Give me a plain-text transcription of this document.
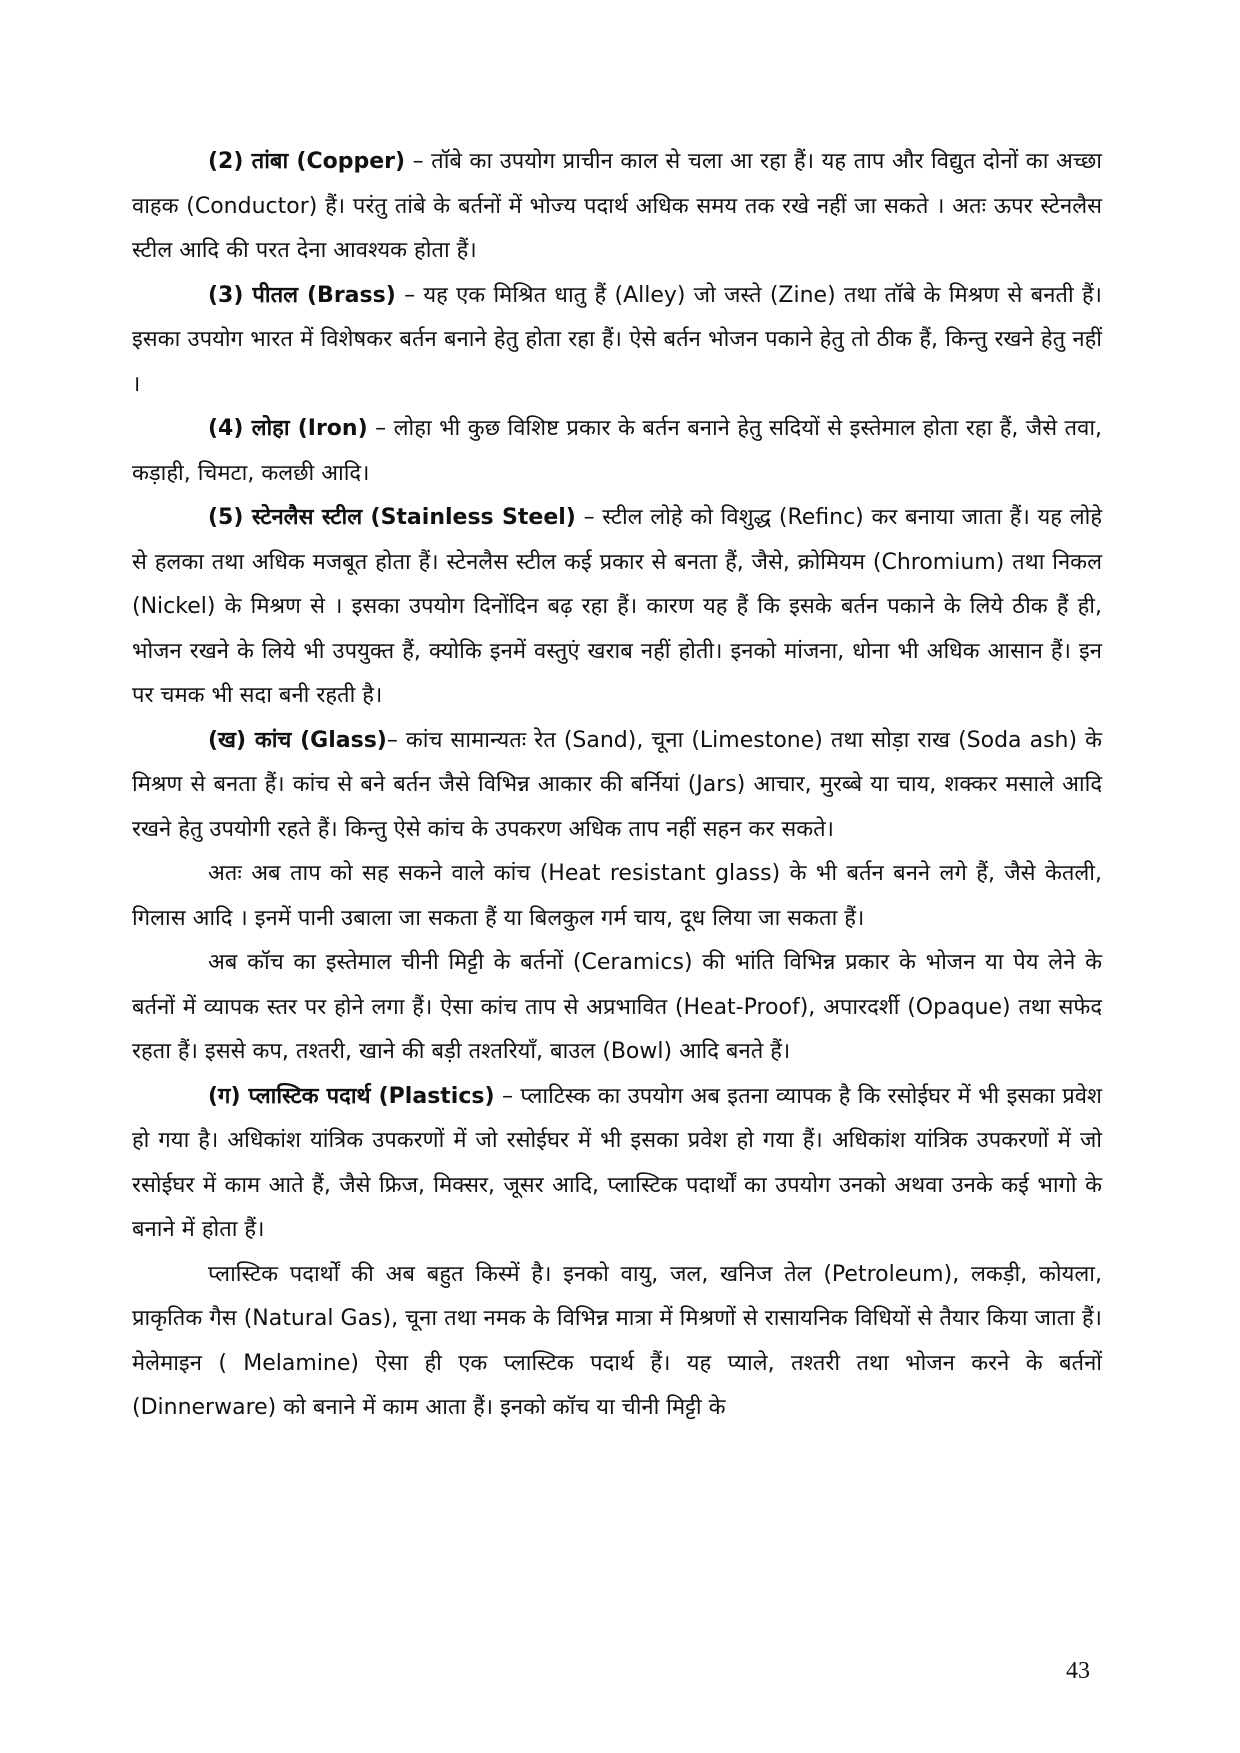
(2) तांबा (Copper) – तॉबे का उपयोग प्राचीन काल से चला आ रहा हैं। यह ताप और विद्युत दोनों का अच्छा वाहक (Conductor) हैं। परंतु तांबे के बर्तनों में भोज्य पदार्थ अधिक समय तक रखे नहीं जा सकते । अतः ऊपर स्टेनलैस स्टील आदि की परत देना आवश्यक होता हैं।

(3) पीतल (Brass) – यह एक मिश्रित धातु हैं (Alley) जो जस्ते (Zine) तथा तॉबे के मिश्रण से बनती हैं। इसका उपयोग भारत में विशेषकर बर्तन बनाने हेतु होता रहा हैं। ऐसे बर्तन भोजन पकाने हेतु तो ठीक हैं, किन्तु रखने हेतु नहीं ।

(4) लोहा (Iron) – लोहा भी कुछ विशिष्ट प्रकार के बर्तन बनाने हेतु सदियों से इस्तेमाल होता रहा हैं, जैसे तवा, कड़ाही, चिमटा, कलछी आदि।

(5) स्टेनलैस स्टील (Stainless Steel) – स्टील लोहे को विशुद्ध (Refinc) कर बनाया जाता हैं। यह लोहे से हलका तथा अधिक मजबूत होता हैं। स्टेनलैस स्टील कई प्रकार से बनता हैं, जैसे, क्रोमियम (Chromium) तथा निकल (Nickel) के मिश्रण से । इसका उपयोग दिनोंदिन बढ़ रहा हैं। कारण यह हैं कि इसके बर्तन पकाने के लिये ठीक हैं ही, भोजन रखने के लिये भी उपयुक्त हैं, क्योकि इनमें वस्तुएं खराब नहीं होती। इनको मांजना, धोना भी अधिक आसान हैं। इन पर चमक भी सदा बनी रहती है।

(ख) कांच (Glass)– कांच सामान्यतः रेत (Sand), चूना (Limestone) तथा सोड़ा राख (Soda ash) के मिश्रण से बनता हैं। कांच से बने बर्तन जैसे विभिन्न आकार की बर्नियां (Jars) आचार, मुरब्बे या चाय, शक्कर मसाले आदि रखने हेतु उपयोगी रहते हैं। किन्तु ऐसे कांच के उपकरण अधिक ताप नहीं सहन कर सकते।

अतः अब ताप को सह सकने वाले कांच (Heat resistant glass) के भी बर्तन बनने लगे हैं, जैसे केतली, गिलास आदि । इनमें पानी उबाला जा सकता हैं या बिलकुल गर्म चाय, दूध लिया जा सकता हैं।

अब कॉच का इस्तेमाल चीनी मिट्टी के बर्तनों (Ceramics) की भांति विभिन्न प्रकार के भोजन या पेय लेने के बर्तनों में व्यापक स्तर पर होने लगा हैं। ऐसा कांच ताप से अप्रभावित (Heat-Proof), अपारदर्शी (Opaque) तथा सफेद रहता हैं। इससे कप, तश्तरी, खाने की बड़ी तश्तरियॉं, बाउल (Bowl) आदि बनते हैं।

(ग) प्लास्टिक पदार्थ (Plastics) – प्लाटिस्क का उपयोग अब इतना व्यापक है कि रसोईघर में भी इसका प्रवेश हो गया है। अधिकांश यांत्रिक उपकरणों में जो रसोईघर में भी इसका प्रवेश हो गया हैं। अधिकांश यांत्रिक उपकरणों में जो रसोईघर में काम आते हैं, जैसे फ्रिज, मिक्सर, जूसर आदि, प्लास्टिक पदार्थों का उपयोग उनको अथवा उनके कई भागो के बनाने में होता हैं।

प्लास्टिक पदार्थों की अब बहुत किस्में है। इनको वायु, जल, खनिज तेल (Petroleum), लकड़ी, कोयला, प्राकृतिक गैस (Natural Gas), चूना तथा नमक के विभिन्न मात्रा में मिश्रणों से रासायनिक विधियों से तैयार किया जाता हैं। मेलेमाइन ( Melamine) ऐसा ही एक प्लास्टिक पदार्थ हैं। यह प्याले, तश्तरी तथा भोजन करने के बर्तनों (Dinnerware) को बनाने में काम आता हैं। इनको कॉच या चीनी मिट्टी के

43
